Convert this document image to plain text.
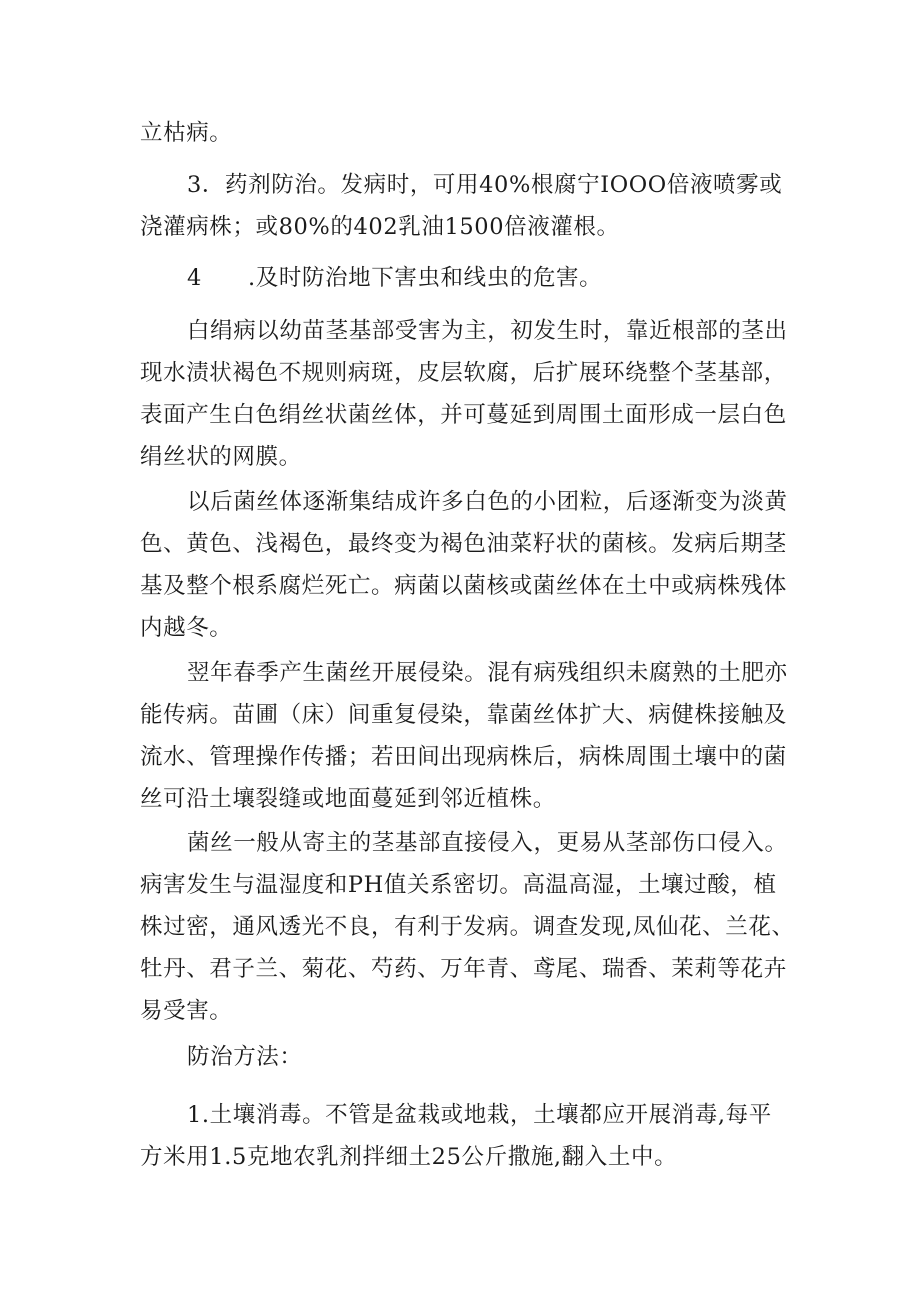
立枯病。

3．药剂防治。发病时，可用40%根腐宁IOOO倍液喷雾或
浇灌病株；或80%的402乳油1500倍液灌根。

4 .及时防治地下害虫和线虫的危害。

白绢病以幼苗茎基部受害为主，初发生时，靠近根部的茎出
现水渍状褐色不规则病斑，皮层软腐，后扩展环绕整个茎基部，
表面产生白色绢丝状菌丝体，并可蔓延到周围土面形成一层白色
绢丝状的网膜。

以后菌丝体逐渐集结成许多白色的小团粒，后逐渐变为淡黄
色、黄色、浅褐色，最终变为褐色油菜籽状的菌核。发病后期茎
基及整个根系腐烂死亡。病菌以菌核或菌丝体在土中或病株残体
内越冬。

翌年春季产生菌丝开展侵染。混有病残组织未腐熟的土肥亦
能传病。苗圃（床）间重复侵染，靠菌丝体扩大、病健株接触及
流水、管理操作传播；若田间出现病株后，病株周围土壤中的菌
丝可沿土壤裂缝或地面蔓延到邻近植株。

菌丝一般从寄主的茎基部直接侵入，更易从茎部伤口侵入。
病害发生与温湿度和PH值关系密切。高温高湿，土壤过酸，植
株过密，通风透光不良，有利于发病。调查发现,凤仙花、兰花、
牡丹、君子兰、菊花、芍药、万年青、鸢尾、瑞香、茉莉等花卉
易受害。

防治方法：

1.土壤消毒。不管是盆栽或地栽，土壤都应开展消毒,每平
方米用1.5克地农乳剂拌细土25公斤撒施,翻入土中。
